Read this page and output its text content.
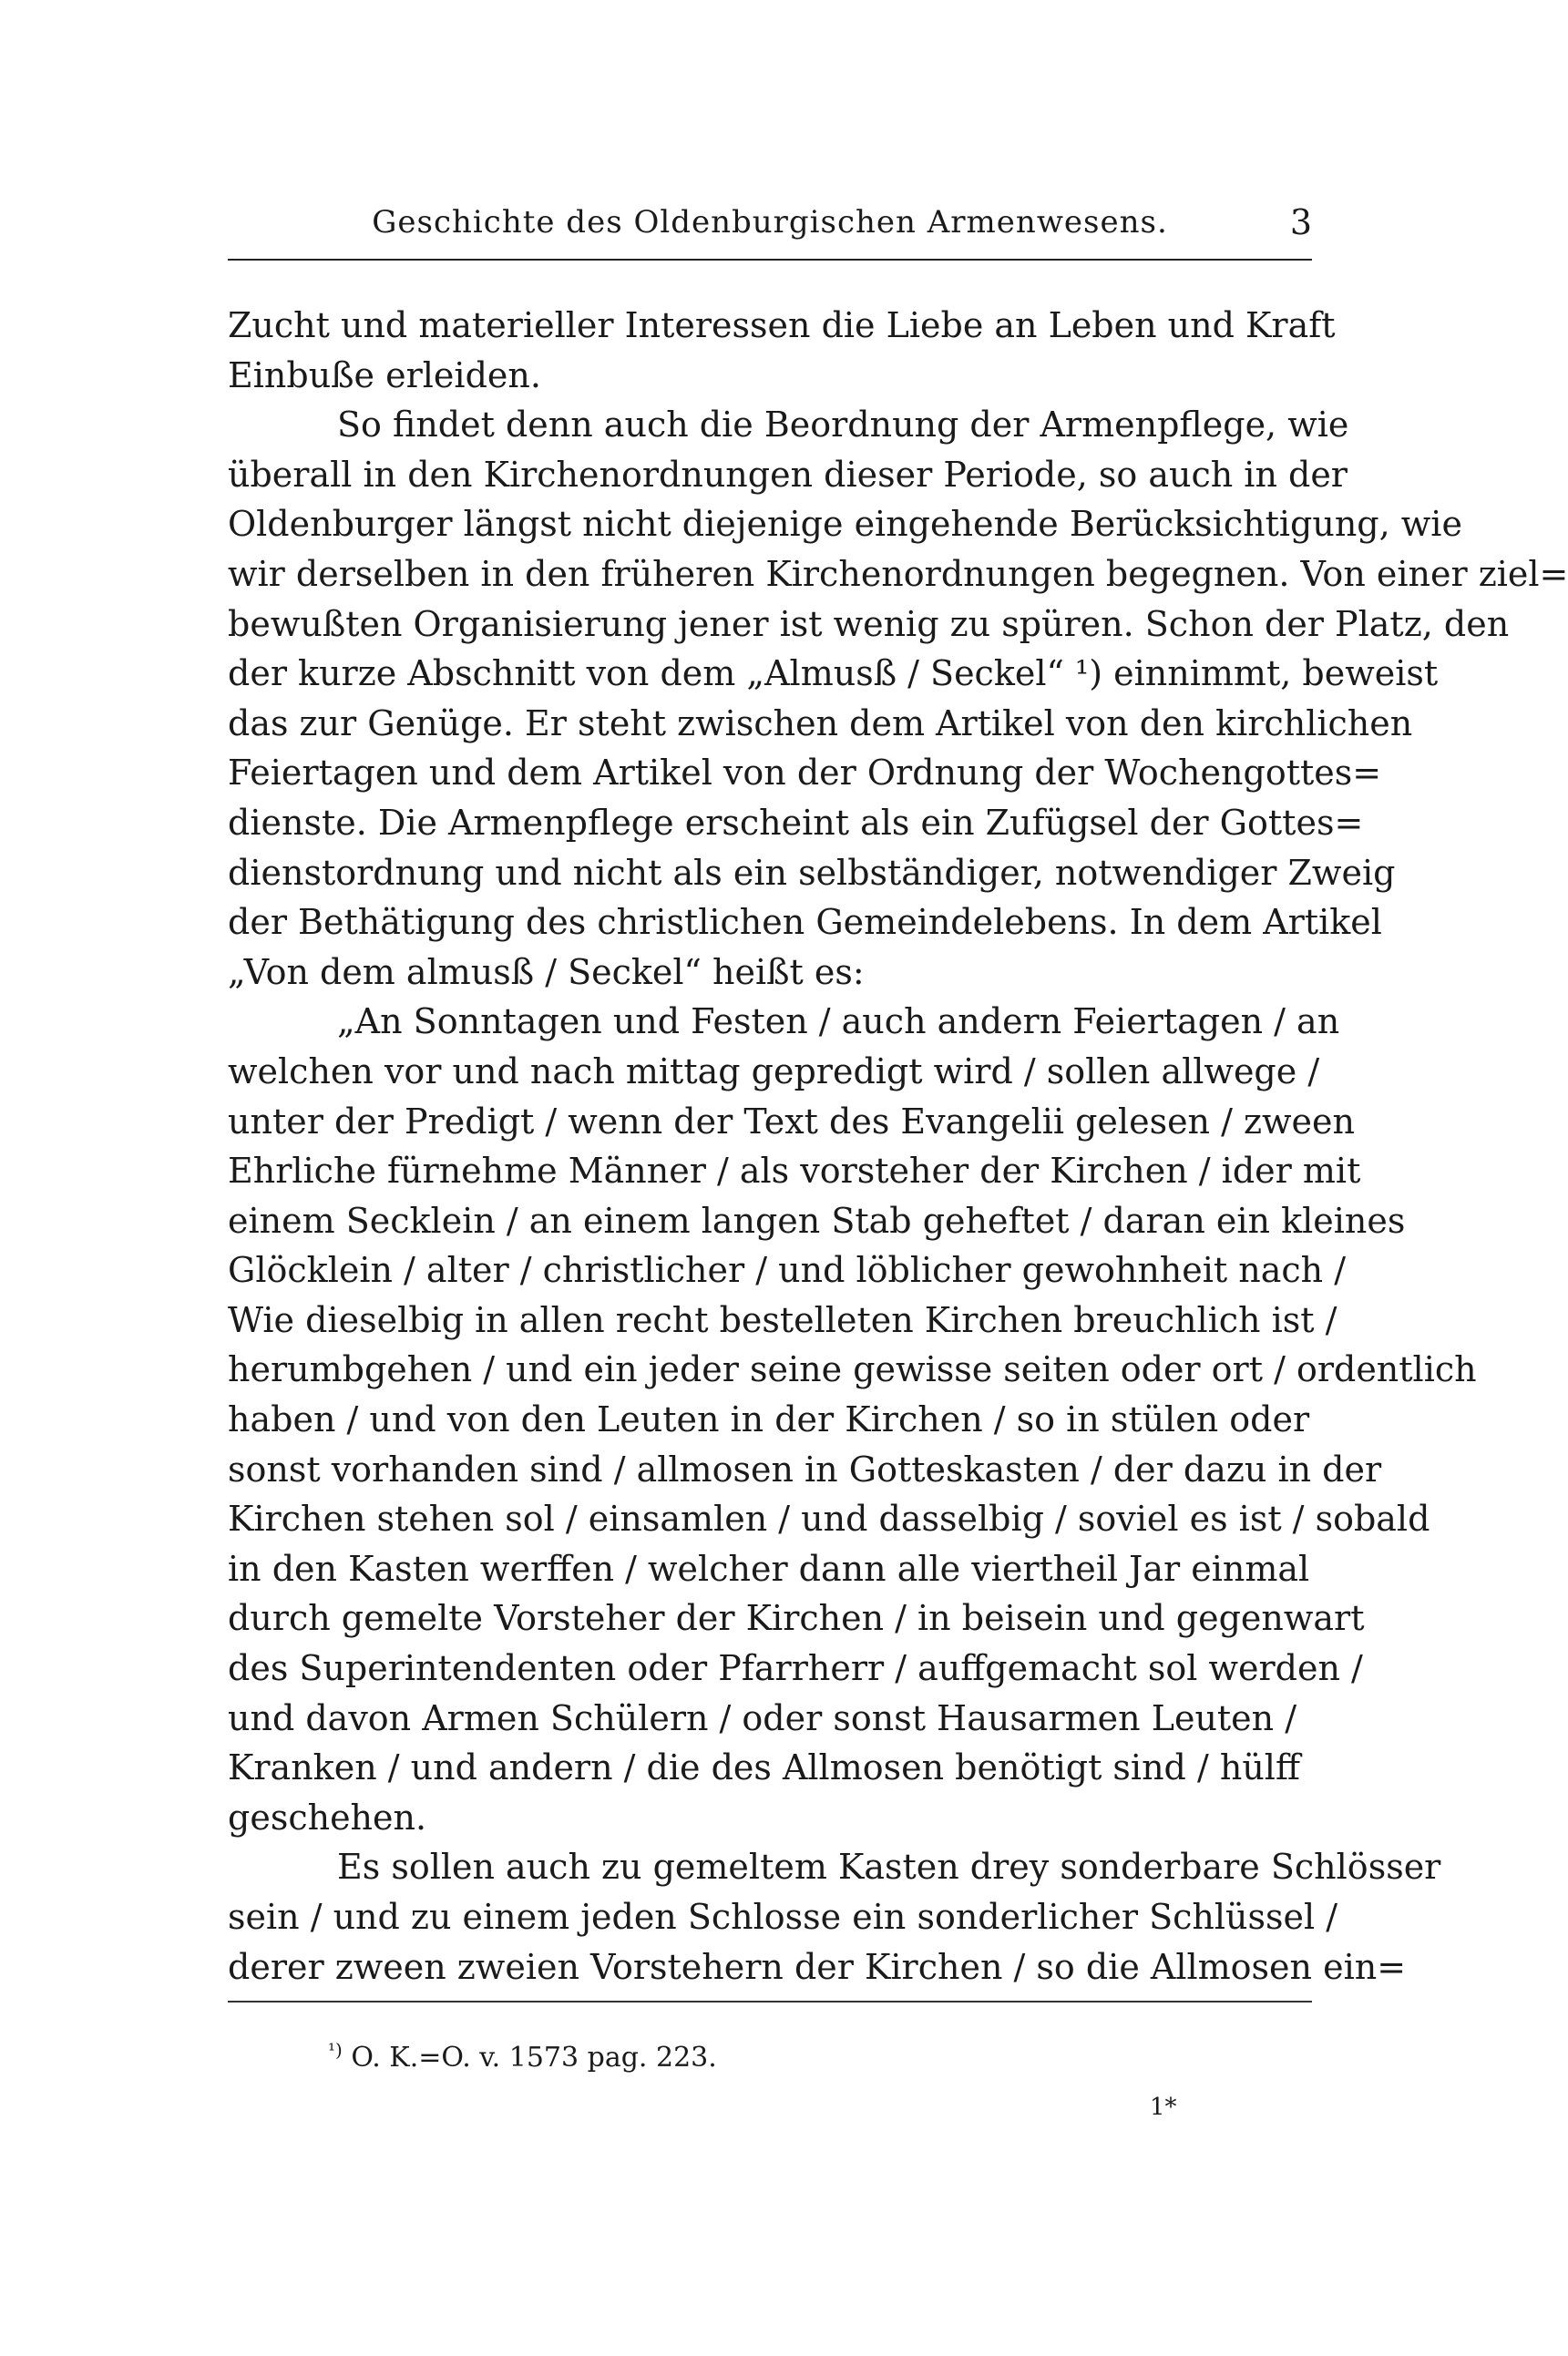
Geschichte des Oldenburgischen Armenwesens.	3
Zucht und materieller Interessen die Liebe an Leben und Kraft
Einbuße erleiden.
So findet denn auch die Beordnung der Armenpflege, wie
überall in den Kirchenordnungen dieser Periode, so auch in der
Oldenburger längst nicht diejenige eingehende Berücksichtigung, wie
wir derselben in den früheren Kirchenordnungen begegnen. Von einer ziel=
bewußten Organisierung jener ist wenig zu spüren. Schon der Platz, den
der kurze Abschnitt von dem „Almusß / Seckel“ ¹) einnimmt, beweist
das zur Genüge. Er steht zwischen dem Artikel von den kirchlichen
Feiertagen und dem Artikel von der Ordnung der Wochengottes=
dienste. Die Armenpflege erscheint als ein Zufügsel der Gottes=
dienstordnung und nicht als ein selbständiger, notwendiger Zweig
der Bethätigung des christlichen Gemeindelebens. In dem Artikel
„Von dem almusß / Seckel“ heißt es:
„An Sonntagen und Festen / auch andern Feiertagen / an
welchen vor und nach mittag gepredigt wird / sollen allwege /
unter der Predigt / wenn der Text des Evangelii gelesen / zween
Ehrliche fürnehme Männer / als vorsteher der Kirchen / ider mit
einem Secklein / an einem langen Stab geheftet / daran ein kleines
Glöcklein / alter / christlicher / und löblicher gewohnheit nach /
Wie dieselbig in allen recht bestelleten Kirchen breuchlich ist /
herumbgehen / und ein jeder seine gewisse seiten oder ort / ordentlich
haben / und von den Leuten in der Kirchen / so in stülen oder
sonst vorhanden sind / allmosen in Gotteskasten / der dazu in der
Kirchen stehen sol / einsamlen / und dasselbig / soviel es ist / sobald
in den Kasten werffen / welcher dann alle viertheil Jar einmal
durch gemelte Vorsteher der Kirchen / in beisein und gegenwart
des Superintendenten oder Pfarrherr / auffgemacht sol werden /
und davon Armen Schülern / oder sonst Hausarmen Leuten /
Kranken / und andern / die des Allmosen benötigt sind / hülff
geschehen.
Es sollen auch zu gemeltem Kasten drey sonderbare Schlösser
sein / und zu einem jeden Schlosse ein sonderlicher Schlüssel /
derer zween zweien Vorstehern der Kirchen / so die Allmosen ein=
$^{^1)}$ O. K.=O. v. 1573 pag. 223.
1*
